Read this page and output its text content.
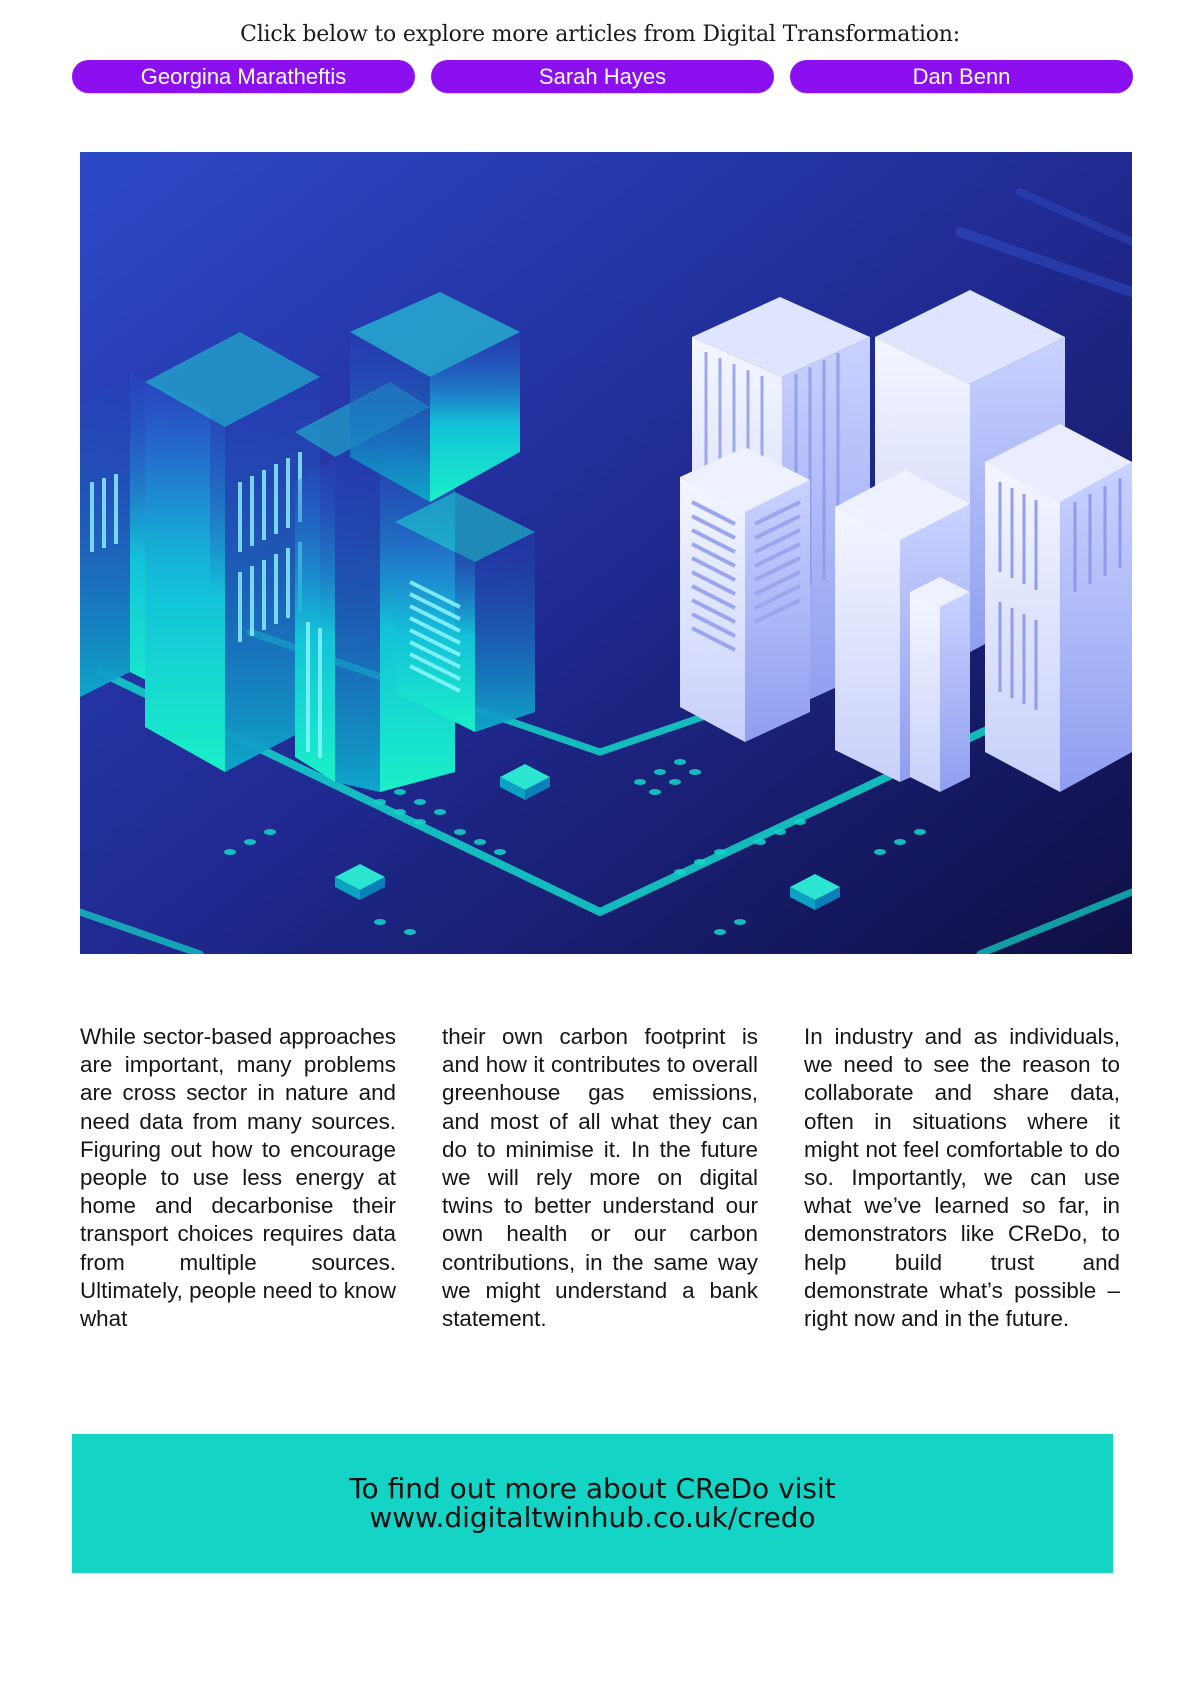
Click below to explore more articles from Digital Transformation:
Georgina Maratheftis	Sarah Hayes	Dan Benn
While sector-based approaches are important, many problems are cross sector in nature and need data from many sources. Figuring out how to encourage people to use less energy at home and decarbonise their transport choices requires data from multiple sources. Ultimately, people need to know what
their own carbon footprint is and how it contributes to overall greenhouse gas emissions, and most of all what they can do to minimise it. In the future we will rely more on digital twins to better understand our own health or our carbon contributions, in the same way we might understand a bank statement.
In industry and as individuals, we need to see the reason to collaborate and share data, often in situations where it might not feel comfortable to do so. Importantly, we can use what we’ve learned so far, in demonstrators like CReDo, to help build trust and demonstrate what’s possible – right now and in the future.
To find out more about CReDo visit
www.digitaltwinhub.co.uk/credo
